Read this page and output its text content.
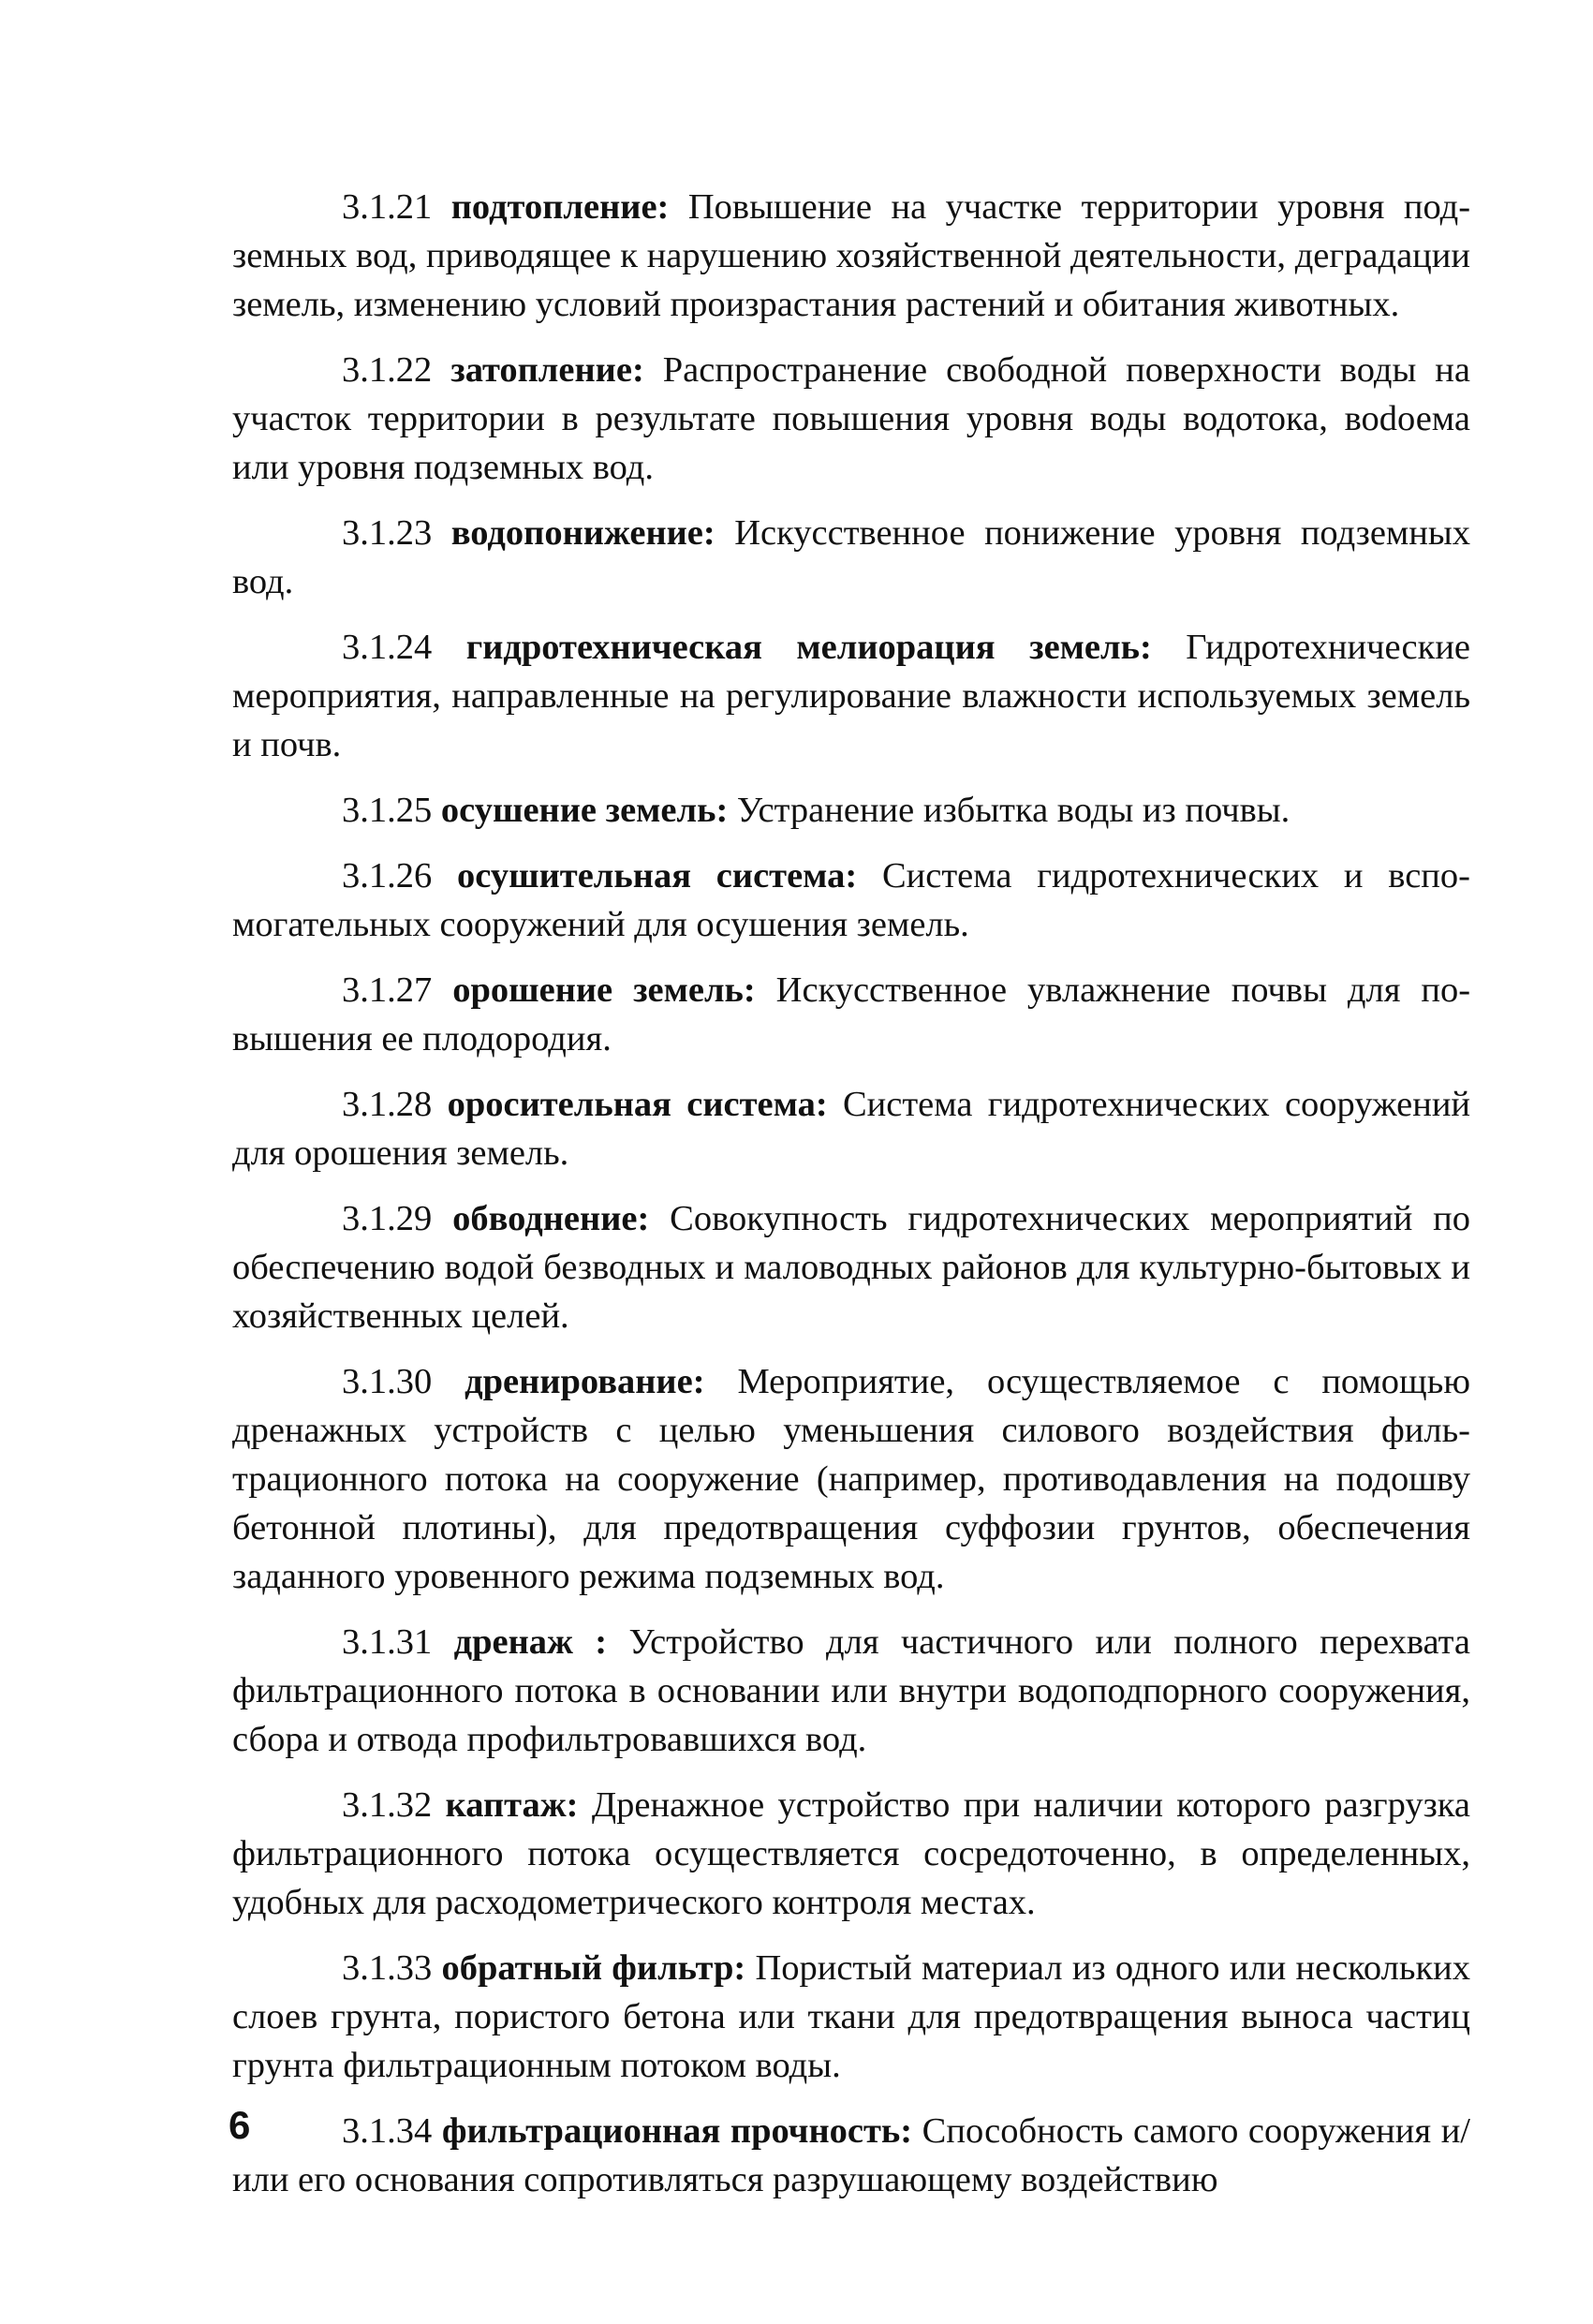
3.1.21 подтопление: Повышение на участке территории уровня подземных вод, приводящее к нарушению хозяйственной деятельности, деградации земель, изменению условий произрастания растений и обитания животных.

3.1.22 затопление: Распространение свободной поверхности воды на участок территории в результате повышения уровня воды водотока, воdоема или уровня подземных вод.

3.1.23 водопонижение: Искусственное понижение уровня подземных вод.

3.1.24 гидротехническая мелиорация земель: Гидротехнические мероприятия, направленные на регулирование влажности используемых земель и почв.

3.1.25 осушение земель: Устранение избытка воды из почвы.

3.1.26 осушительная система: Система гидротехнических и вспомогательных сооружений для осушения земель.

3.1.27 орошение земель: Искусственное увлажнение почвы для повышения ее плодородия.

3.1.28 оросительная система: Система гидротехнических сооружений для орошения земель.

3.1.29 обводнение: Совокупность гидротехнических мероприятий по обеспечению водой безводных и маловодных районов для культурно-бытовых и хозяйственных целей.

3.1.30 дренирование: Мероприятие, осуществляемое с помощью дренажных устройств с целью уменьшения силового воздействия фильтрационного потока на сооружение (например, противодавления на подошву бетонной плотины), для предотвращения суффозии грунтов, обеспечения заданного уровенного режима подземных вод.

3.1.31 дренаж : Устройство для частичного или полного перехвата фильтрационного потока в основании или внутри водоподпорного сооружения, сбора и отвода профильтровавшихся вод.

3.1.32 каптаж: Дренажное устройство при наличии которого разгрузка фильтрационного потока осуществляется сосредоточенно, в определенных, удобных для расходометрического контроля местах.

3.1.33 обратный фильтр: Пористый материал из одного или нескольких слоев грунта, пористого бетона или ткани для предотвращения выноса частиц грунта фильтрационным потоком воды.

3.1.34 фильтрационная прочность: Способность самого сооружения и/или его основания сопротивляться разрушающему воздействию

6
